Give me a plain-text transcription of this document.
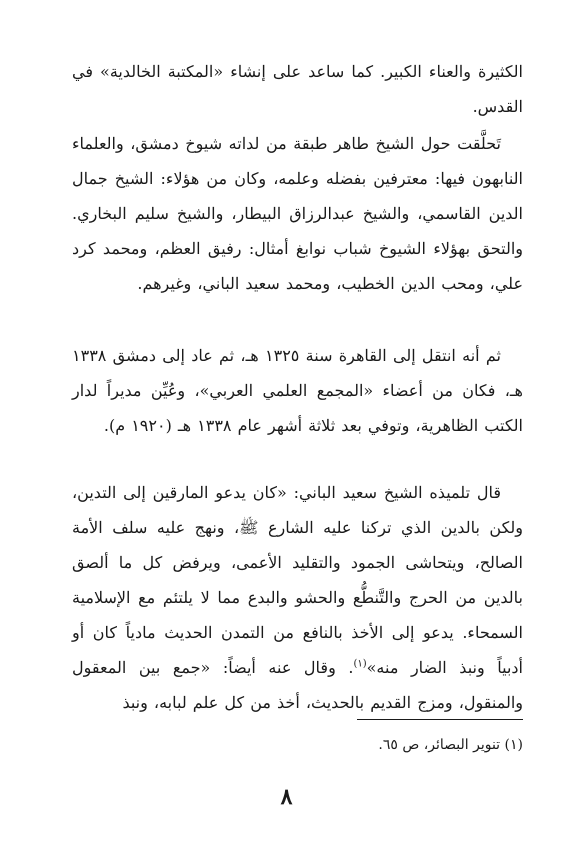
الكثيرة والعناء الكبير. كما ساعد على إنشاء «المكتبة الخالدية» في القدس.

تَحلَّقت حول الشيخ طاهر طبقة من لداته شيوخ دمشق، والعلماء النابهون فيها: معترفين بفضله وعلمه، وكان من هؤلاء: الشيخ جمال الدين القاسمي، والشيخ عبدالرزاق البيطار، والشيخ سليم البخاري. والتحق بهؤلاء الشيوخ شباب نوابغ أمثال: رفيق العظم، ومحمد كرد علي، ومحب الدين الخطيب، ومحمد سعيد الباني، وغيرهم.

ثم أنه انتقل إلى القاهرة سنة ١٣٢٥ هـ، ثم عاد إلى دمشق ١٣٣٨ هـ، فكان من أعضاء «المجمع العلمي العربي»، وعُيِّن مديراً لدار الكتب الظاهرية، وتوفي بعد ثلاثة أشهر عام ١٣٣٨ هـ (١٩٢٠ م).

قال تلميذه الشيخ سعيد الباني: «كان يدعو المارقين إلى التدين، ولكن بالدين الذي تركنا عليه الشارع ﷺ، ونهج عليه سلف الأمة الصالح، ويتحاشى الجمود والتقليد الأعمى، ويرفض كل ما ألصق بالدين من الحرج والتَّنطُّع والحشو والبدع مما لا يلتئم مع الإسلامية السمحاء. يدعو إلى الأخذ بالنافع من التمدن الحديث مادياً كان أو أدبياً ونبذ الضار منه»$^{(١)}$. وقال عنه أيضاً: «جمع بين المعقول والمنقول، ومزج القديم بالحديث، أخذ من كل علم لبابه، ونبذ

(١) تنوير البصائر، ص ٦٥.
٨
